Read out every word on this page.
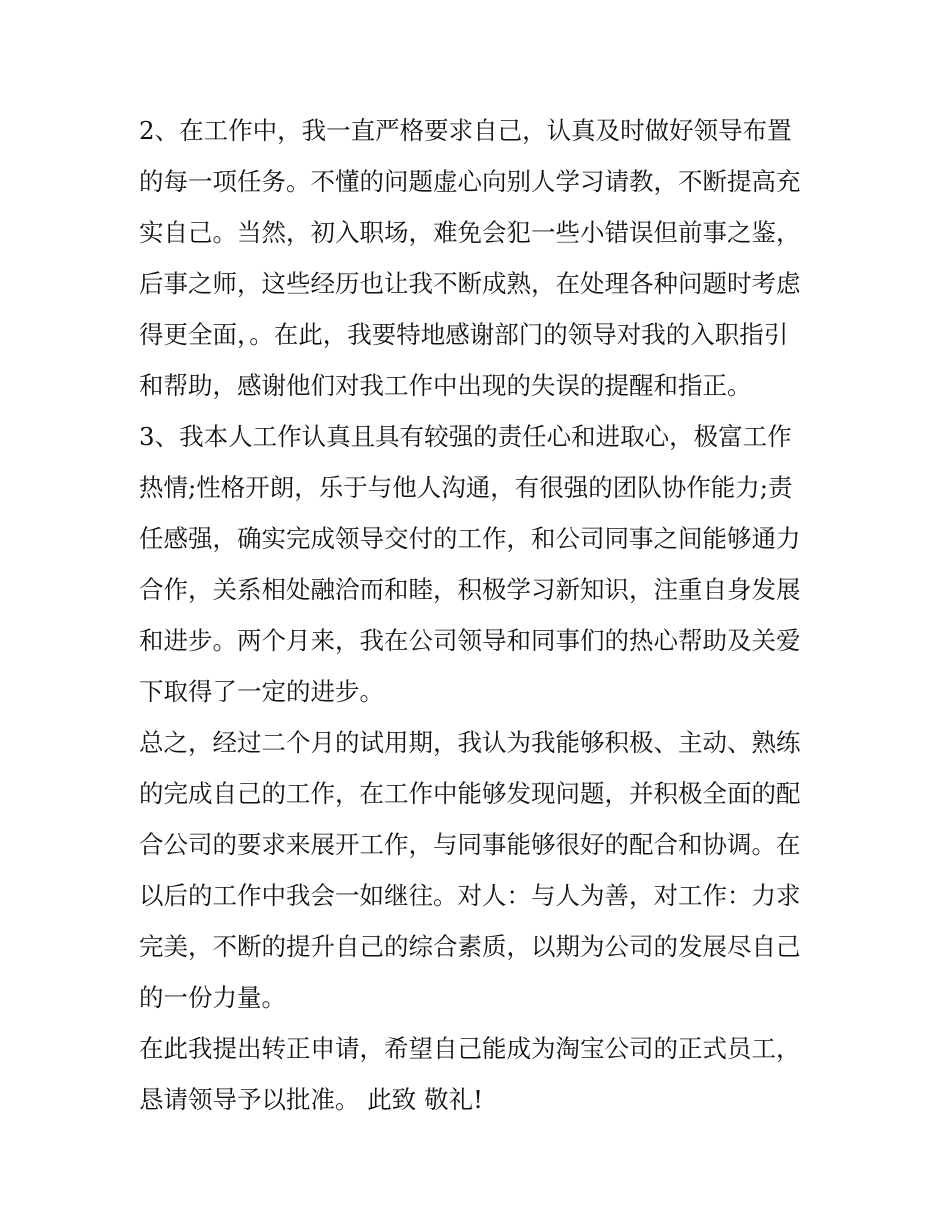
2、在工作中，我一直严格要求自己，认真及时做好领导布置
的每一项任务。不懂的问题虚心向别人学习请教，不断提高充
实自己。当然，初入职场，难免会犯一些小错误但前事之鉴，
后事之师，这些经历也让我不断成熟，在处理各种问题时考虑
得更全面，。在此，我要特地感谢部门的领导对我的入职指引
和帮助，感谢他们对我工作中出现的失误的提醒和指正。
3、我本人工作认真且具有较强的责任心和进取心，极富工作
热情;性格开朗，乐于与他人沟通，有很强的团队协作能力;责
任感强，确实完成领导交付的工作，和公司同事之间能够通力
合作，关系相处融洽而和睦，积极学习新知识，注重自身发展
和进步。两个月来，我在公司领导和同事们的热心帮助及关爱
下取得了一定的进步。
总之，经过二个月的试用期，我认为我能够积极、主动、熟练
的完成自己的工作，在工作中能够发现问题，并积极全面的配
合公司的要求来展开工作，与同事能够很好的配合和协调。在
以后的工作中我会一如继往。对人：与人为善，对工作：力求
完美，不断的提升自己的综合素质，以期为公司的发展尽自己
的一份力量。
在此我提出转正申请，希望自己能成为淘宝公司的正式员工，
恳请领导予以批准。 此致 敬礼!
